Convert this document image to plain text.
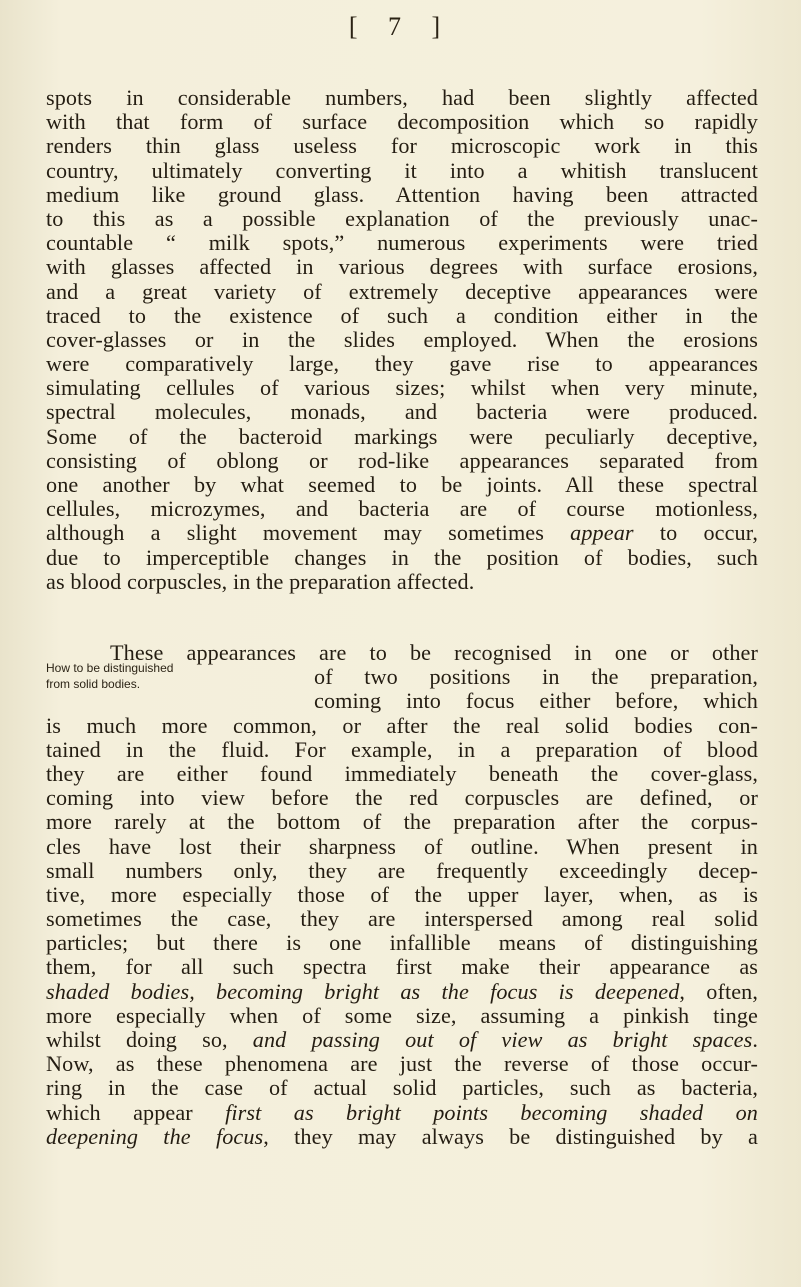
[ 7 ]
spots in considerable numbers, had been slightly affected
with that form of surface decomposition which so rapidly
renders thin glass useless for microscopic work in this
country, ultimately converting it into a whitish translucent
medium like ground glass. Attention having been attracted
to this as a possible explanation of the previously unac-
countable “ milk spots,” numerous experiments were tried
with glasses affected in various degrees with surface erosions,
and a great variety of extremely deceptive appearances were
traced to the existence of such a condition either in the
cover-glasses or in the slides employed. When the erosions
were comparatively large, they gave rise to appearances
simulating cellules of various sizes; whilst when very minute,
spectral molecules, monads, and bacteria were produced.
Some of the bacteroid markings were peculiarly deceptive,
consisting of oblong or rod-like appearances separated from
one another by what seemed to be joints. All these spectral
cellules, microzymes, and bacteria are of course motionless,
although a slight movement may sometimes appear to occur,
due to imperceptible changes in the position of bodies, such
as blood corpuscles, in the preparation affected.
How to be distinguished
from solid bodies.
These appearances are to be recognised in one or other
of two positions in the preparation,
coming into focus either before, which
is much more common, or after the real solid bodies con-
tained in the fluid. For example, in a preparation of blood
they are either found immediately beneath the cover-glass,
coming into view before the red corpuscles are defined, or
more rarely at the bottom of the preparation after the corpus-
cles have lost their sharpness of outline. When present in
small numbers only, they are frequently exceedingly decep-
tive, more especially those of the upper layer, when, as is
sometimes the case, they are interspersed among real solid
particles; but there is one infallible means of distinguishing
them, for all such spectra first make their appearance as
shaded bodies, becoming bright as the focus is deepened, often,
more especially when of some size, assuming a pinkish tinge
whilst doing so, and passing out of view as bright spaces.
Now, as these phenomena are just the reverse of those occur-
ring in the case of actual solid particles, such as bacteria,
which appear first as bright points becoming shaded on
deepening the focus, they may always be distinguished by a
